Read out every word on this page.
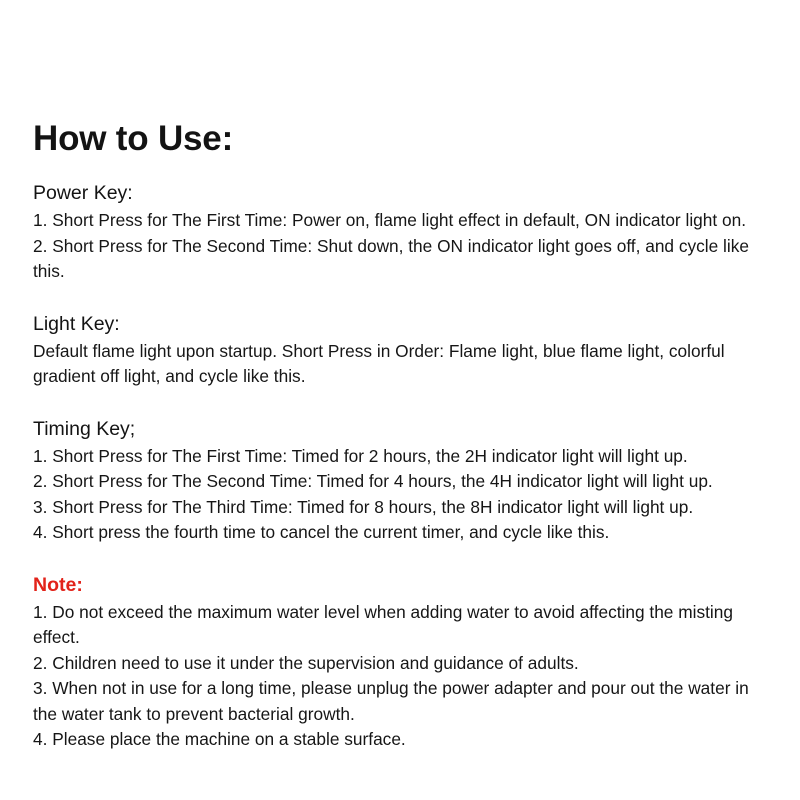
How to Use:
Power Key:

1. Short Press for The First Time: Power on, flame light effect in default, ON indicator light on.

2. Short Press for The Second Time: Shut down, the ON indicator light goes off, and cycle like this.

Light Key:

Default flame light upon startup. Short Press in Order: Flame light, blue flame light, colorful gradient off light, and cycle like this.

Timing Key;

1. Short Press for The First Time: Timed for 2 hours, the 2H indicator light will light up.

2. Short Press for The Second Time: Timed for 4 hours, the 4H indicator light will light up.

3. Short Press for The Third Time: Timed for 8 hours, the 8H indicator light will light up.

4. Short press the fourth time to cancel the current timer, and cycle like this.

Note:

1. Do not exceed the maximum water level when adding water to avoid affecting the misting effect.

2. Children need to use it under the supervision and guidance of adults.

3. When not in use for a long time, please unplug the power adapter and pour out the water in the water tank to prevent bacterial growth.

4. Please place the machine on a stable surface.
